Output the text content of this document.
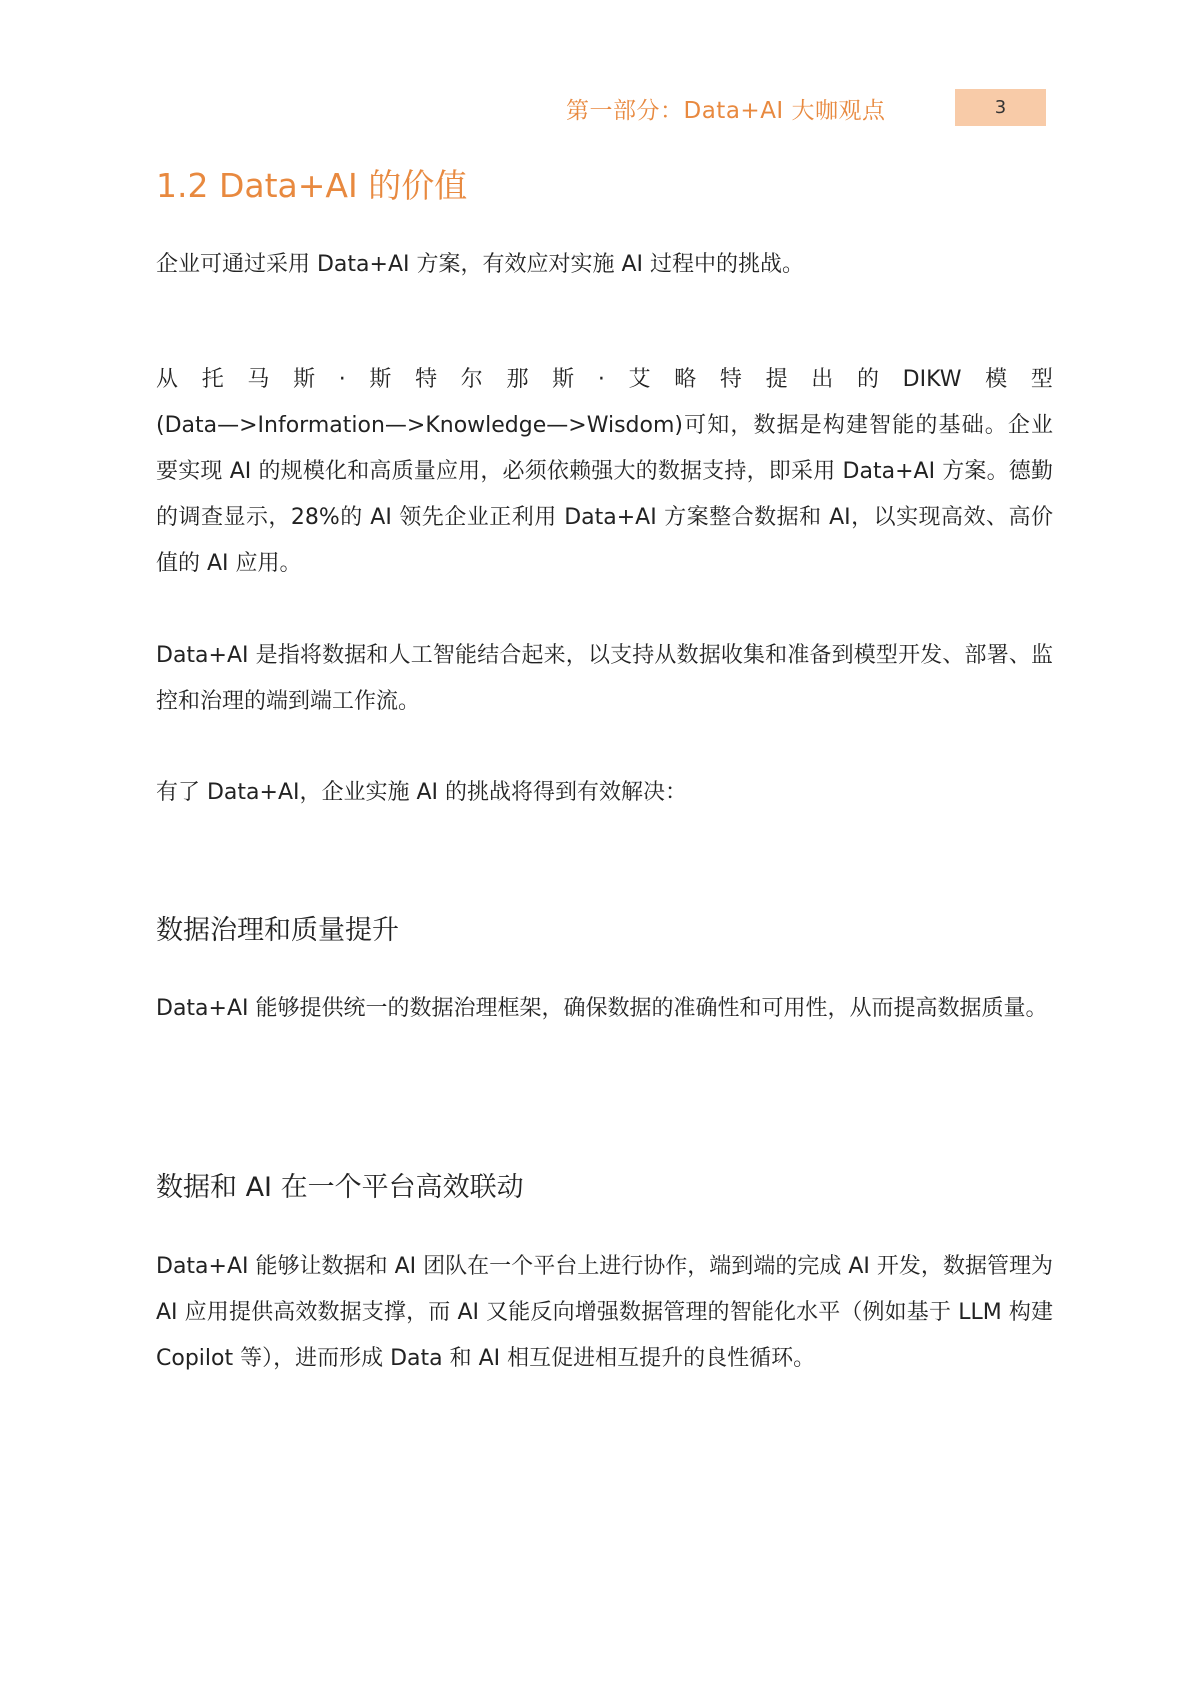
第一部分：Data+AI 大咖观点	3
1.2 Data+AI 的价值
企业可通过采用 Data+AI 方案，有效应对实施 AI 过程中的挑战。
从 托 马 斯 · 斯 特 尔 那 斯 · 艾 略 特 提 出 的 DIKW 模 型
(Data—>Information—>Knowledge—>Wisdom)可知，数据是构建智能的基础。企业要实现 AI 的规模化和高质量应用，必须依赖强大的数据支持，即采用 Data+AI 方案。德勤的调查显示，28%的 AI 领先企业正利用 Data+AI 方案整合数据和 AI，以实现高效、高价值的 AI 应用。
Data+AI 是指将数据和人工智能结合起来，以支持从数据收集和准备到模型开发、部署、监控和治理的端到端工作流。
有了 Data+AI，企业实施 AI 的挑战将得到有效解决：
数据治理和质量提升
Data+AI 能够提供统一的数据治理框架，确保数据的准确性和可用性，从而提高数据质量。
数据和 AI 在一个平台高效联动
Data+AI 能够让数据和 AI 团队在一个平台上进行协作，端到端的完成 AI 开发，数据管理为 AI 应用提供高效数据支撑，而 AI 又能反向增强数据管理的智能化水平（例如基于 LLM 构建 Copilot 等），进而形成 Data 和 AI 相互促进相互提升的良性循环。
